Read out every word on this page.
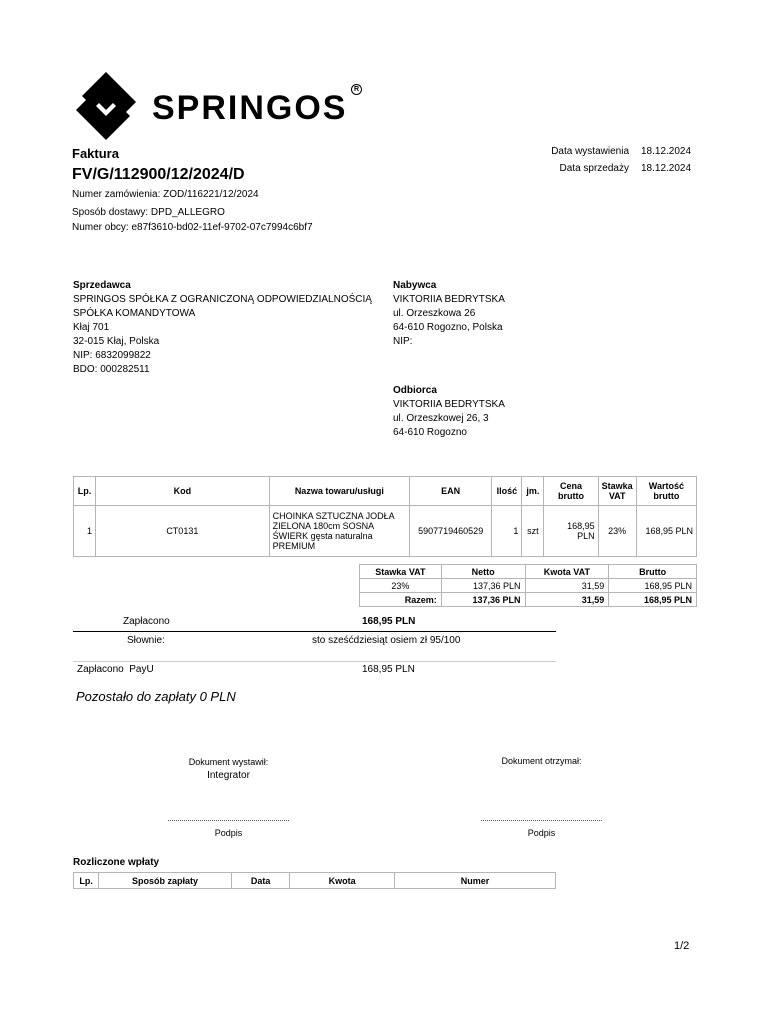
SPRINGOS R
Faktura
FV/G/112900/12/2024/D
Numer zamówienia: ZOD/116221/12/2024
Sposób dostawy: DPD_ALLEGRO
Numer obcy: e87f3610-bd02-11ef-9702-07c7994c6bf7
Data wystawienia 18.12.2024
Data sprzedaży 18.12.2024
Sprzedawca
SPRINGOS SPÓŁKA Z OGRANICZONĄ ODPOWIEDZIALNOŚCIĄ
SPÓŁKA KOMANDYTOWA
Kłaj 701
32-015 Kłaj, Polska
NIP: 6832099822
BDO: 000282511
Nabywca
VIKTORIIA BEDRYTSKA
ul. Orzeszkowa 26
64-610 Rogozno, Polska
NIP:
Odbiorca
VIKTORIIA BEDRYTSKA
ul. Orzeszkowej 26, 3
64-610 Rogozno
Lp.	Kod	Nazwa towaru/usługi	EAN	Ilość	jm.	Cena brutto	Stawka VAT	Wartość brutto
1	CT0131	CHOINKA SZTUCZNA JODŁA ZIELONA 180cm SOSNA ŚWIERK gęsta naturalna PREMIUM	5907719460529	1	szt	168,95 PLN	23%	168,95 PLN
Stawka VAT	Netto	Kwota VAT	Brutto
23%	137,36 PLN	31,59	168,95 PLN
Razem:	137,36 PLN	31,59	168,95 PLN
Zapłacono	168,95 PLN
Słownie:	sto sześćdziesiąt osiem zł 95/100
Zapłacono  PayU	168,95 PLN
Pozostało do zapłaty 0 PLN
Dokument wystawił:
Integrator
Dokument otrzymał:
Podpis	Podpis
Rozliczone wpłaty
Lp.	Sposób zapłaty	Data	Kwota	Numer
1/2
